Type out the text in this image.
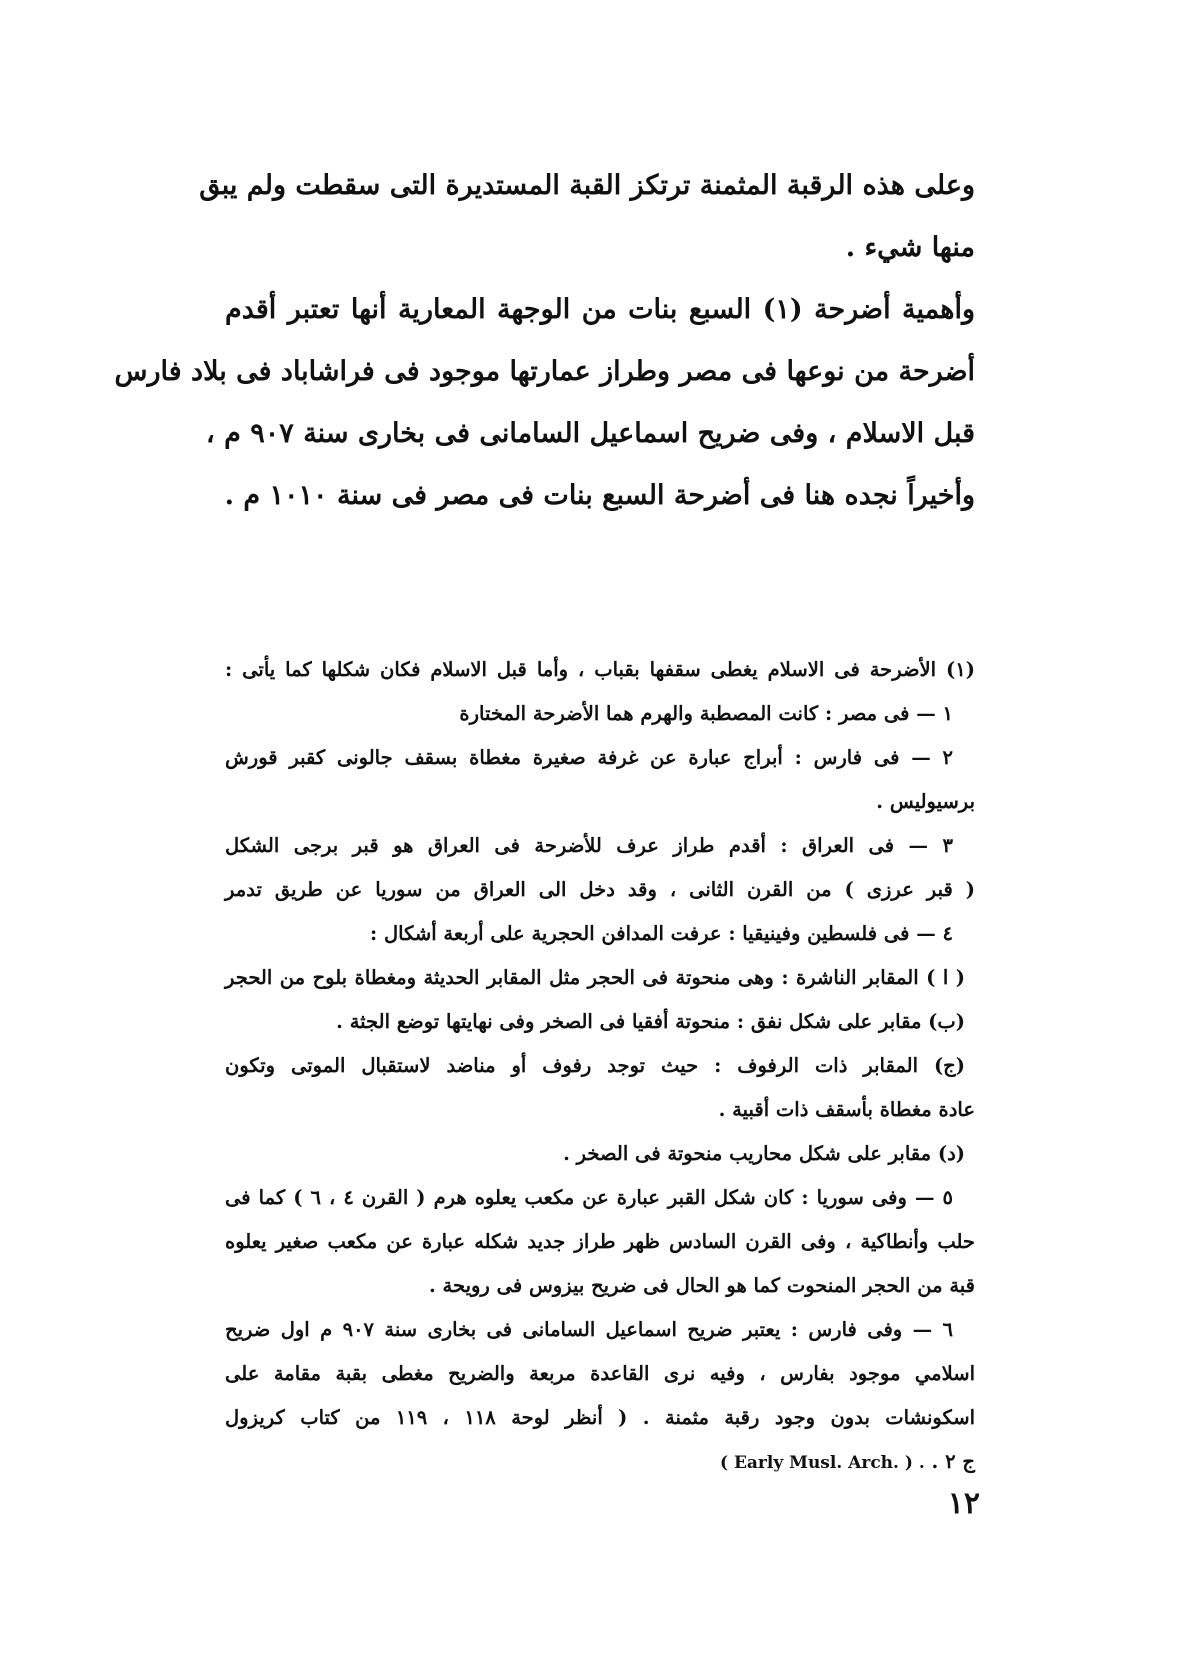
وعلى هذه الرقبة المثمنة ترتكز القبة المستديرة التى سقطت ولم يبق
منها شيء .
وأهمية أضرحة (١) السبع بنات من الوجهة المعارية أنها تعتبر أقدم
أضرحة من نوعها فى مصر وطراز عمارتها موجود فى فراشاباد فى بلاد فارس
قبل الاسلام ، وفى ضريح اسماعيل السامانى فى بخارى سنة ٩٠٧ م ،
وأخيراً نجده هنا فى أضرحة السبع بنات فى مصر فى سنة ١٠١٠ م .
(١) الأضرحة فى الاسلام يغطى سقفها بقباب ، وأما قبل الاسلام فكان شكلها كما يأتى :
١ — فى مصر : كانت المصطبة والهرم هما الأضرحة المختارة
٢ — فى فارس : أبراج عبارة عن غرفة صغيرة مغطاة بسقف جالونى كقبر قورش
برسيوليس .
٣ — فى العراق : أقدم طراز عرف للأضرحة فى العراق هو قبر برجى الشكل
( قبر عرزى ) من القرن الثانى ، وقد دخل الى العراق من سوريا عن طريق تدمر
٤ — فى فلسطين وفينيقيا : عرفت المدافن الحجرية على أربعة أشكال :
( ا ) المقابر الناشرة : وهى منحوتة فى الحجر مثل المقابر الحديثة ومغطاة بلوح من الحجر
(ب) مقابر على شكل نفق : منحوتة أفقيا فى الصخر وفى نهايتها توضع الجثة .
(ج) المقابر ذات الرفوف : حيث توجد رفوف أو مناضد لاستقبال الموتى وتكون
عادة مغطاة بأسقف ذات أقبية .
(د) مقابر على شكل محاريب منحوتة فى الصخر .
٥ — وفى سوريا : كان شكل القبر عبارة عن مكعب يعلوه هرم ( القرن ٤ ، ٦ ) كما فى
حلب وأنطاكية ، وفى القرن السادس ظهر طراز جديد شكله عبارة عن مكعب صغير يعلوه
قبة من الحجر المنحوت كما هو الحال فى ضريح بيزوس فى رويحة .
٦ — وفى فارس : يعتبر ضريح اسماعيل السامانى فى بخارى سنة ٩٠٧ م اول ضريح
اسلامي موجود بفارس ، وفيه نرى القاعدة مربعة والضريح مغطى بقبة مقامة على
اسكونشات بدون وجود رقبة مثمنة . ( أنظر لوحة ١١٨ ، ١١٩ من كتاب كريزول
ج ٢ . ( Early Musl. Arch. ) .
١٢
